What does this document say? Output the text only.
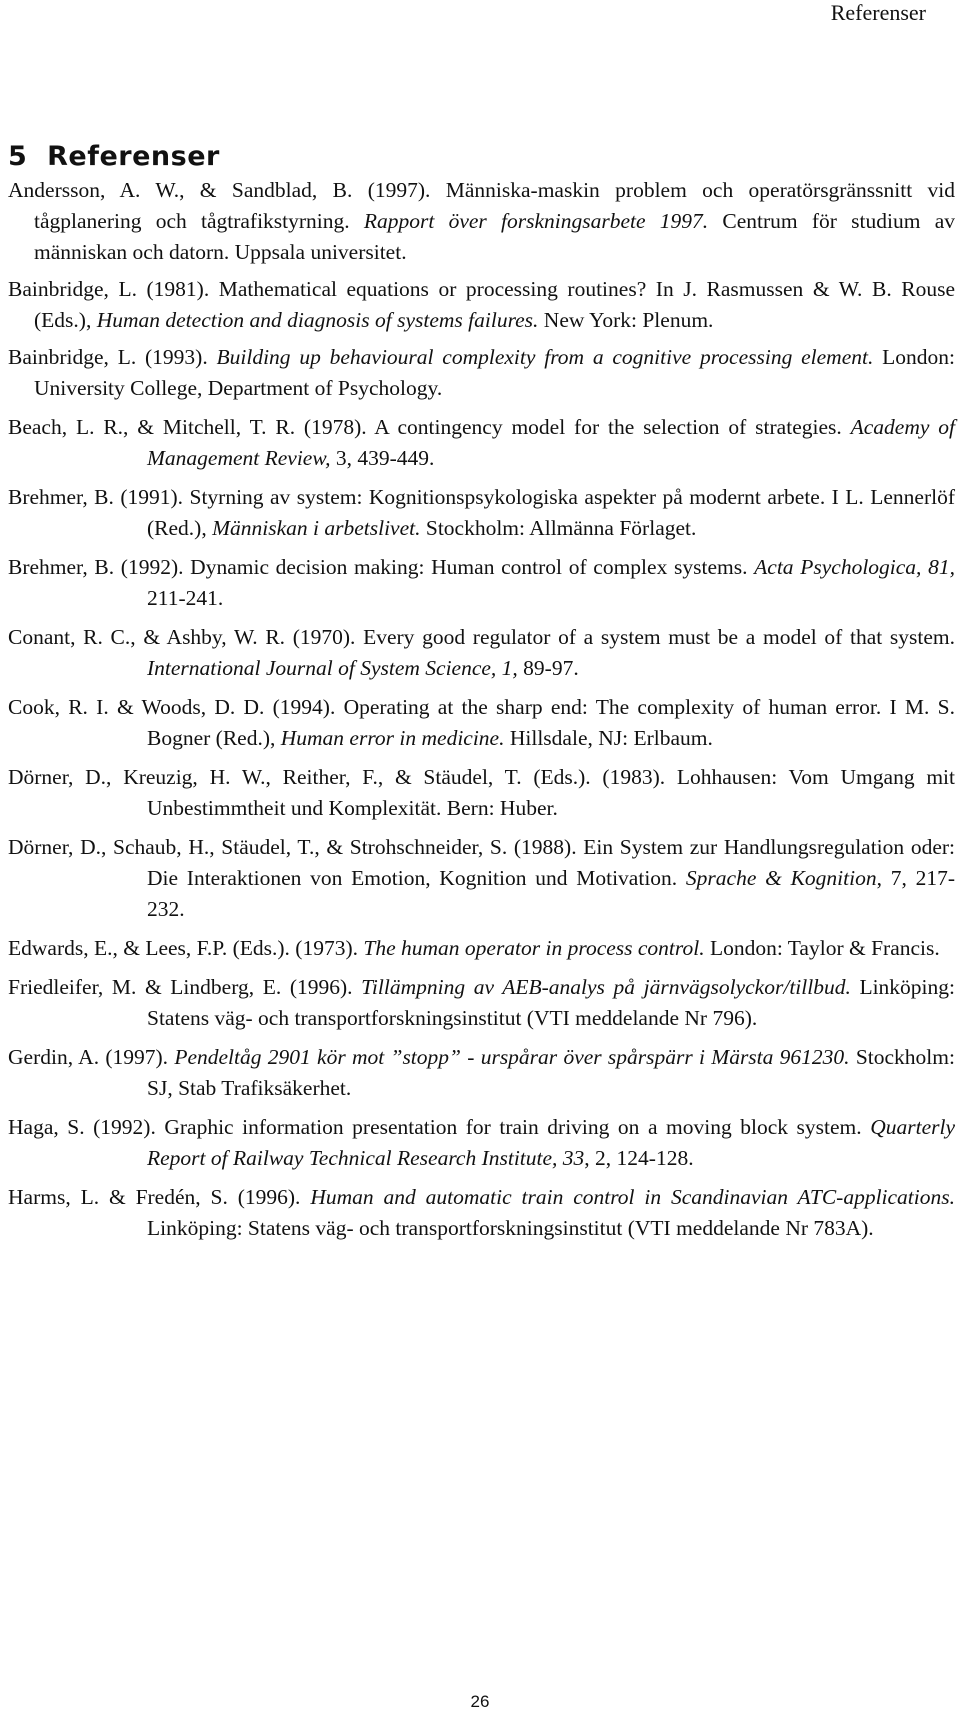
Referenser
5 Referenser

Andersson, A. W., & Sandblad, B. (1997). Människa-maskin problem och operatörsgränssnitt vid tågplanering och tågtrafikstyrning. Rapport över forskningsarbete 1997. Centrum för studium av människan och datorn. Uppsala universitet.

Bainbridge, L. (1981). Mathematical equations or processing routines? In J. Rasmussen & W. B. Rouse (Eds.), Human detection and diagnosis of systems failures. New York: Plenum.

Bainbridge, L. (1993). Building up behavioural complexity from a cognitive processing element. London: University College, Department of Psychology.

Beach, L. R., & Mitchell, T. R. (1978). A contingency model for the selection of strategies. Academy of Management Review, 3, 439-449.

Brehmer, B. (1991). Styrning av system: Kognitionspsykologiska aspekter på modernt arbete. I L. Lennerlöf (Red.), Människan i arbetslivet. Stockholm: Allmänna Förlaget.

Brehmer, B. (1992). Dynamic decision making: Human control of complex systems. Acta Psychologica, 81, 211-241.

Conant, R. C., & Ashby, W. R. (1970). Every good regulator of a system must be a model of that system. International Journal of System Science, 1, 89-97.

Cook, R. I. & Woods, D. D. (1994). Operating at the sharp end: The complexity of human error. I M. S. Bogner (Red.), Human error in medicine. Hillsdale, NJ: Erlbaum.

Dörner, D., Kreuzig, H. W., Reither, F., & Stäudel, T. (Eds.). (1983). Lohhausen: Vom Umgang mit Unbestimmtheit und Komplexität. Bern: Huber.

Dörner, D., Schaub, H., Stäudel, T., & Strohschneider, S. (1988). Ein System zur Handlungsregulation oder: Die Interaktionen von Emotion, Kognition und Motivation. Sprache & Kognition, 7, 217-232.

Edwards, E., & Lees, F.P. (Eds.). (1973). The human operator in process control. London: Taylor & Francis.

Friedleifer, M. & Lindberg, E. (1996). Tillämpning av AEB-analys på järnvägsolyckor/tillbud. Linköping: Statens väg- och transportforskningsinstitut (VTI meddelande Nr 796).

Gerdin, A. (1997). Pendeltåg 2901 kör mot ”stopp” - urspårar över spårspärr i Märsta 961230. Stockholm: SJ, Stab Trafiksäkerhet.

Haga, S. (1992). Graphic information presentation for train driving on a moving block system. Quarterly Report of Railway Technical Research Institute, 33, 2, 124-128.

Harms, L. & Fredén, S. (1996). Human and automatic train control in Scandinavian ATC-applications. Linköping: Statens väg- och transportforskningsinstitut (VTI meddelande Nr 783A).

26
